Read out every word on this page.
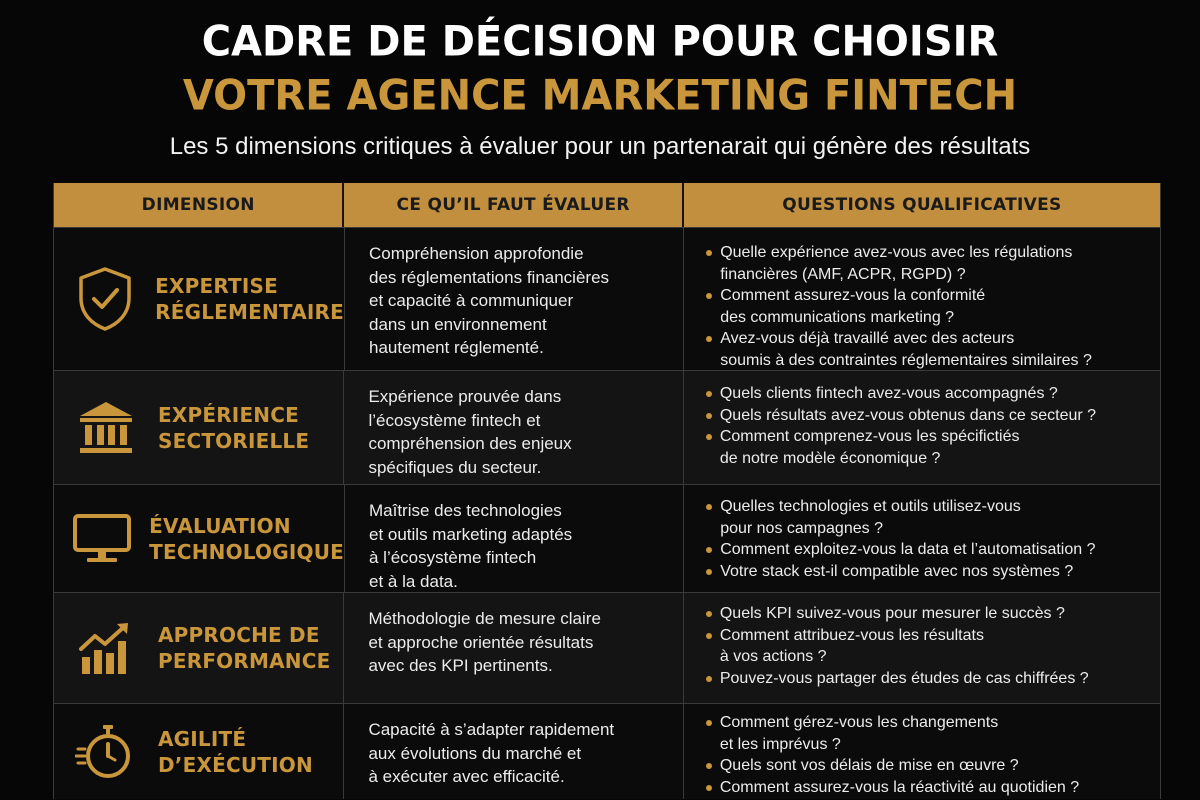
CADRE DE DÉCISION POUR CHOISIR
VOTRE AGENCE MARKETING FINTECH
Les 5 dimensions critiques à évaluer pour un partenarait qui génère des résultats
DIMENSION	CE QU’IL FAUT ÉVALUER	QUESTIONS QUALIFICATIVES
EXPERTISE
RÉGLEMENTAIRE
Compréhension approfondie
des réglementations financières
et capacité à communiquer
dans un environnement
hautement réglementé.
Quelle expérience avez-vous avec les régulations
financières (AMF, ACPR, RGPD) ?
Comment assurez-vous la conformité
des communications marketing ?
Avez-vous déjà travaillé avec des acteurs
soumis à des contraintes réglementaires similaires ?
EXPÉRIENCE
SECTORIELLE
Expérience prouvée dans
l’écosystème fintech et
compréhension des enjeux
spécifiques du secteur.
Quels clients fintech avez-vous accompagnés ?
Quels résultats avez-vous obtenus dans ce secteur ?
Comment comprenez-vous les spécifictiés
de notre modèle économique ?
ÉVALUATION
TECHNOLOGIQUE
Maîtrise des technologies
et outils marketing adaptés
à l’écosystème fintech
et à la data.
Quelles technologies et outils utilisez-vous
pour nos campagnes ?
Comment exploitez-vous la data et l’automatisation ?
Votre stack est-il compatible avec nos systèmes ?
APPROCHE DE
PERFORMANCE
Méthodologie de mesure claire
et approche orientée résultats
avec des KPI pertinents.
Quels KPI suivez-vous pour mesurer le succès ?
Comment attribuez-vous les résultats
à vos actions ?
Pouvez-vous partager des études de cas chiffrées ?
AGILITÉ
D’EXÉCUTION
Capacité à s’adapter rapidement
aux évolutions du marché et
à exécuter avec efficacité.
Comment gérez-vous les changements
et les imprévus ?
Quels sont vos délais de mise en œuvre ?
Comment assurez-vous la réactivité au quotidien ?
